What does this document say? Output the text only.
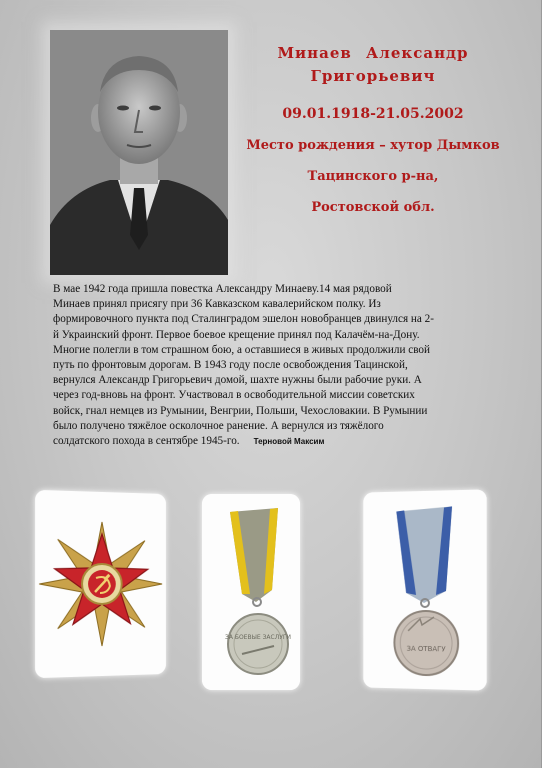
Минаев Александр
Григорьевич
09.01.1918-21.05.2002
Место рождения – хутор Дымков
Тацинского р-на,
Ростовской обл.
В мае 1942 года пришла повестка Александру Минаеву.14 мая рядовой
Минаев принял присягу при 36 Кавказском кавалерийском полку. Из
формировочного пункта под Сталинградом эшелон новобранцев двинулся на 2-
й Украинский фронт. Первое боевое крещение принял под Калачём-на-Дону.
Многие полегли в том страшном бою, а оставшиеся в живых продолжили свой
путь по фронтовым дорогам. В 1943 году после освобождения Тацинской,
вернулся Александр Григорьевич домой, шахте нужны были рабочие руки. А
через год-вновь на фронт. Участвовал в освободительной миссии советских
войск, гнал немцев из Румынии, Венгрии, Польши, Чехословакии. В Румынии
было получено тяжёлое осколочное ранение. А вернулся из тяжёлого
солдатского похода в сентябре 1945-го. Терновой Максим
ЗА БОЕВЫЕ ЗАСЛУГИ
ЗА ОТВАГУ
